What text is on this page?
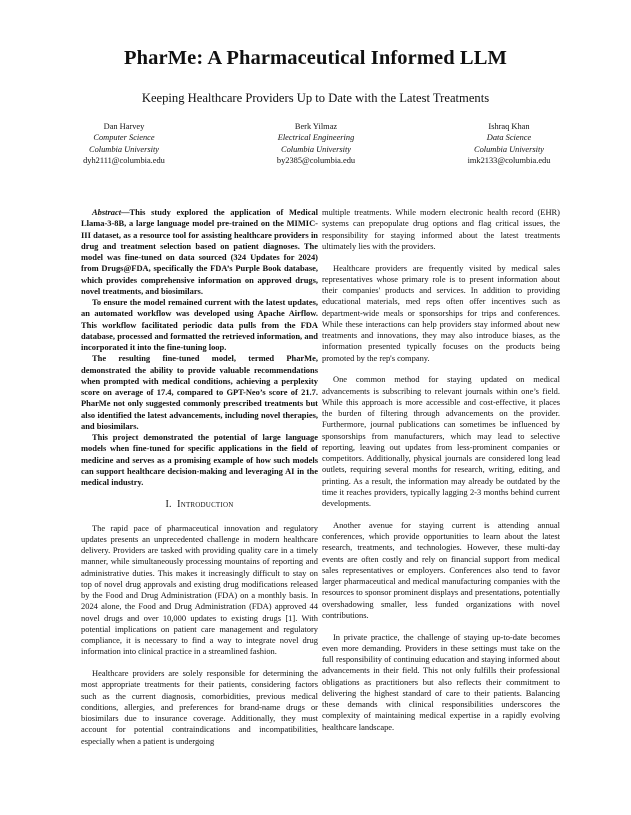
PharMe: A Pharmaceutical Informed LLM
Keeping Healthcare Providers Up to Date with the Latest Treatments
Dan Harvey
Computer Science
Columbia University
dyh2111@columbia.edu
Berk Yilmaz
Electrical Engineering
Columbia University
by2385@columbia.edu
Ishraq Khan
Data Science
Columbia University
imk2133@columbia.edu

Abstract—This study explored the application of Medical Llama-3-8B, a large language model pre-trained on the MIMIC-III dataset, as a resource tool for assisting healthcare providers in drug and treatment selection based on patient diagnoses. The model was fine-tuned on data sourced (324 Updates for 2024) from Drugs@FDA, specifically the FDA’s Purple Book database, which provides comprehensive information on approved drugs, novel treatments, and biosimilars.

To ensure the model remained current with the latest updates, an automated workflow was developed using Apache Airflow. This workflow facilitated periodic data pulls from the FDA database, processed and formatted the retrieved information, and incorporated it into the fine-tuning loop.

The resulting fine-tuned model, termed PharMe, demonstrated the ability to provide valuable recommendations when prompted with medical conditions, achieving a perplexity score on average of 17.4, compared to GPT-Neo’s score of 21.7. PharMe not only suggested commonly prescribed treatments but also identified the latest advancements, including novel therapies, and biosimilars.

This project demonstrated the potential of large language models when fine-tuned for specific applications in the field of medicine and serves as a promising example of how such models can support healthcare decision-making and leveraging AI in the medical industry.

I. Introduction

The rapid pace of pharmaceutical innovation and regulatory updates presents an unprecedented challenge in modern healthcare delivery. Providers are tasked with providing quality care in a timely manner, while simultaneously processing mountains of reporting and administrative duties. This makes it increasingly difficult to stay on top of novel drug approvals and existing drug modifications released by the Food and Drug Administration (FDA) on a monthly basis. In 2024 alone, the Food and Drug Administration (FDA) approved 44 novel drugs and over 10,000 updates to existing drugs [1]. With potential implications on patient care management and regulatory compliance, it is necessary to find a way to integrate novel drug information into clinical practice in a streamlined fashion.

Healthcare providers are solely responsible for determining the most appropriate treatments for their patients, considering factors such as the current diagnosis, comorbidities, previous medical conditions, allergies, and preferences for brand-name drugs or biosimilars due to insurance coverage. Additionally, they must account for potential contraindications and incompatibilities, especially when a patient is undergoing

multiple treatments. While modern electronic health record (EHR) systems can prepopulate drug options and flag critical issues, the responsibility for staying informed about the latest treatments ultimately lies with the providers.

Healthcare providers are frequently visited by medical sales representatives whose primary role is to present information about their companies' products and services. In addition to providing educational materials, med reps often offer incentives such as department-wide meals or sponsorships for trips and conferences. While these interactions can help providers stay informed about new treatments and innovations, they may also introduce biases, as the information presented typically focuses on the products being promoted by the rep's company.

One common method for staying updated on medical advancements is subscribing to relevant journals within one’s field. While this approach is more accessible and cost-effective, it places the burden of filtering through advancements on the provider. Furthermore, journal publications can sometimes be influenced by sponsorships from manufacturers, which may lead to selective reporting, leaving out updates from less-prominent companies or competitors. Additionally, physical journals are considered long lead outlets, requiring several months for research, writing, editing, and printing. As a result, the information may already be outdated by the time it reaches providers, typically lagging 2-3 months behind current developments.

Another avenue for staying current is attending annual conferences, which provide opportunities to learn about the latest research, treatments, and technologies. However, these multi-day events are often costly and rely on financial support from medical sales representatives or employers. Conferences also tend to favor larger pharmaceutical and medical manufacturing companies with the resources to sponsor prominent displays and presentations, potentially overshadowing smaller, less funded organizations with novel contributions.

In private practice, the challenge of staying up-to-date becomes even more demanding. Providers in these settings must take on the full responsibility of continuing education and staying informed about advancements in their field. This not only fulfills their professional obligations as practitioners but also reflects their commitment to delivering the highest standard of care to their patients. Balancing these demands with clinical responsibilities underscores the complexity of maintaining medical expertise in a rapidly evolving healthcare landscape.
